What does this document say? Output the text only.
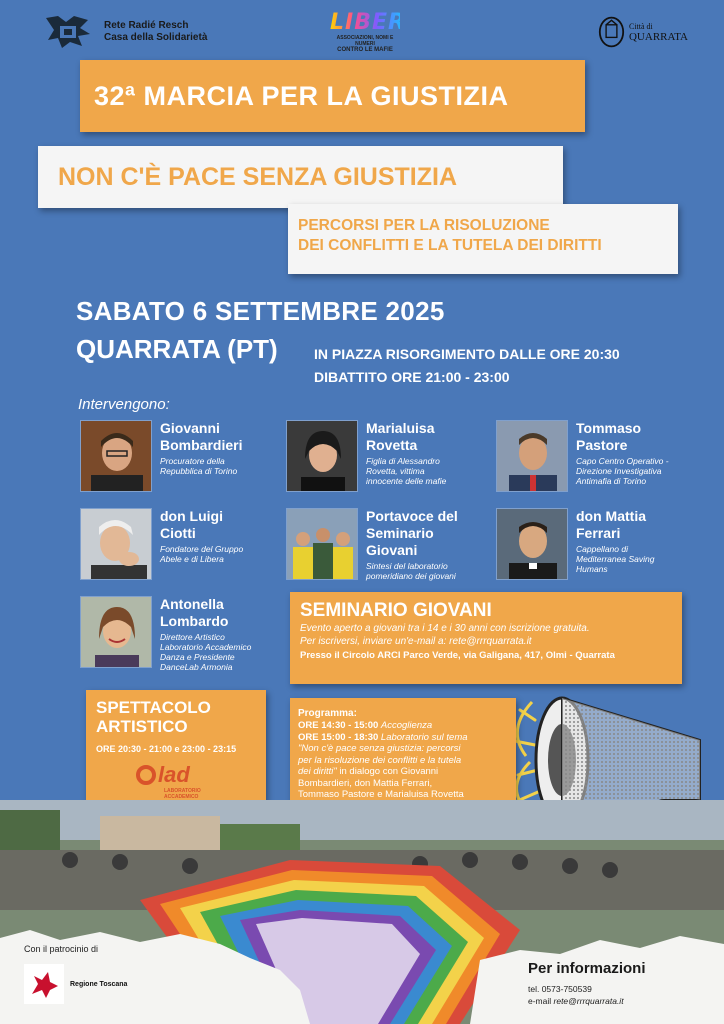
Rete Radié Resch
Casa della Solidarietà
LIBERA
ASSOCIAZIONI, NOMI E NUMERI
CONTRO LE MAFIE
Città di
QUARRATA
32ª MARCIA PER LA GIUSTIZIA
NON C'È PACE SENZA GIUSTIZIA
PERCORSI PER LA RISOLUZIONE
DEI CONFLITTI E LA TUTELA DEI DIRITTI
SABATO 6 SETTEMBRE 2025
QUARRATA (PT)	IN PIAZZA RISORGIMENTO DALLE ORE 20:30
DIBATTITO ORE 21:00 - 23:00
Intervengono:
Giovanni
Bombardieri
Procuratore della
Repubblica di Torino
Marialuisa
Rovetta
Figlia di Alessandro
Rovetta, vittima
innocente delle mafie
Tommaso
Pastore
Capo Centro Operativo -
Direzione Investigativa
Antimafia di Torino
don Luigi
Ciotti
Fondatore del Gruppo
Abele e di Libera
Portavoce del
Seminario
Giovani
Sintesi del laboratorio
pomeridiano dei giovani
don Mattia
Ferrari
Cappellano di
Mediterranea Saving
Humans
Antonella
Lombardo
Direttore Artistico
Laboratorio Accademico
Danza e Presidente
DanceLab Armonia
SEMINARIO GIOVANI
Evento aperto a giovani tra i 14 e i 30 anni con iscrizione gratuita.
Per iscriversi, inviare un'e-mail a: rete@rrrquarrata.it
Presso il Circolo ARCI Parco Verde, via Galigana, 417, Olmi - Quarrata
SPETTACOLO
ARTISTICO
ORE 20:30 - 21:00 e 23:00 - 23:15
lad
LABORATORIO
ACCADEMICO
Programma:
ORE 14:30 - 15:00 Accoglienza
ORE 15:00 - 18:30 Laboratorio sul tema
"Non c'è pace senza giustizia: percorsi
per la risoluzione dei conflitti e la tutela
dei diritti" in dialogo con Giovanni
Bombardieri, don Mattia Ferrari,
Tommaso Pastore e Marialuisa Rovetta
Con il patrocinio di
Regione Toscana
Per informazioni
tel. 0573-750539
e-mail rete@rrrquarrata.it
